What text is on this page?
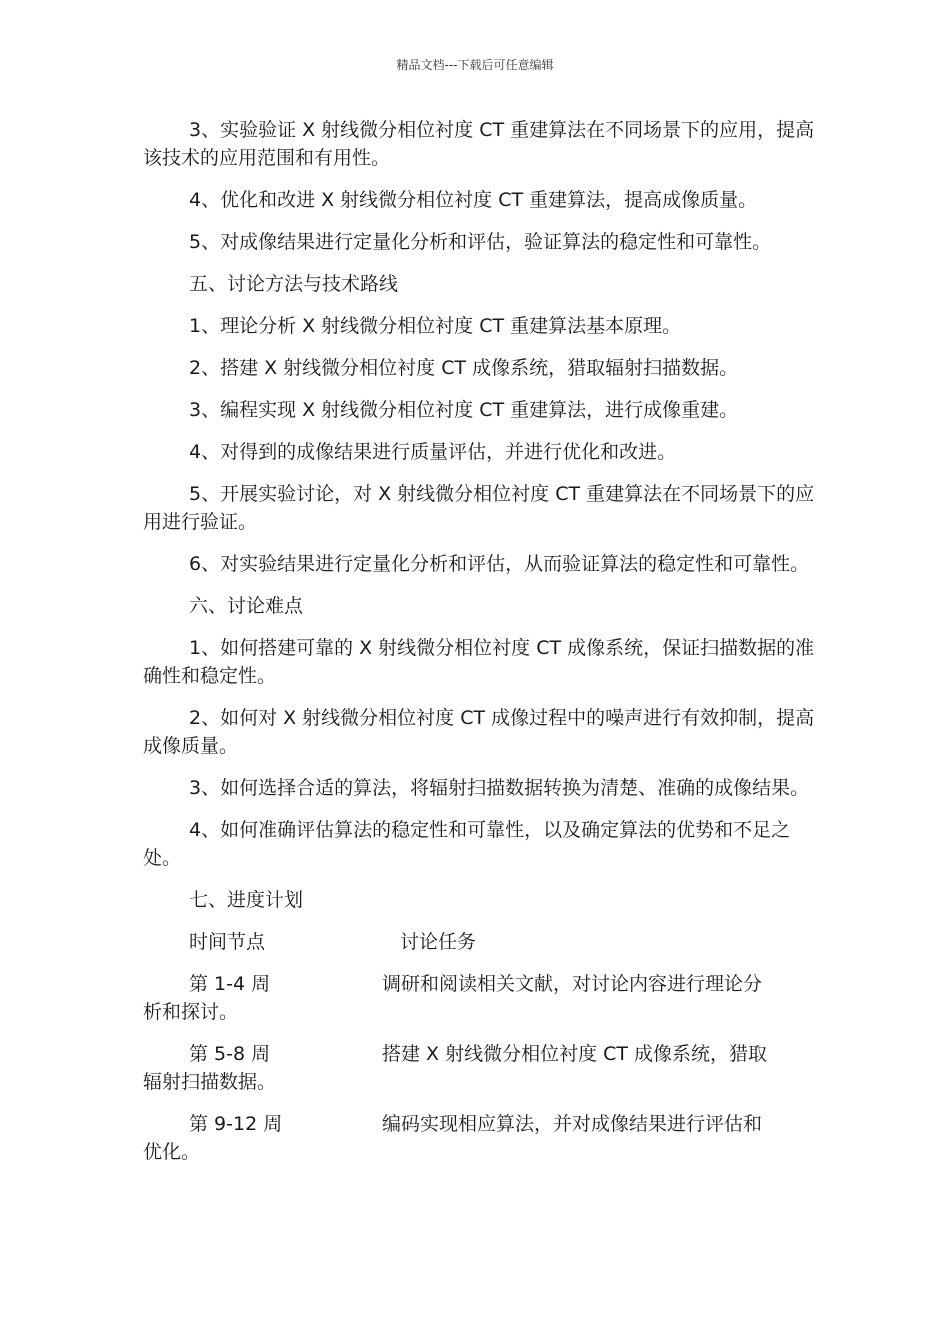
精品文档---下载后可任意编辑

3、实验验证 X 射线微分相位衬度 CT 重建算法在不同场景下的应用，提高该技术的应用范围和有用性。

4、优化和改进 X 射线微分相位衬度 CT 重建算法，提高成像质量。

5、对成像结果进行定量化分析和评估，验证算法的稳定性和可靠性。

五、讨论方法与技术路线

1、理论分析 X 射线微分相位衬度 CT 重建算法基本原理。

2、搭建 X 射线微分相位衬度 CT 成像系统，猎取辐射扫描数据。

3、编程实现 X 射线微分相位衬度 CT 重建算法，进行成像重建。

4、对得到的成像结果进行质量评估，并进行优化和改进。

5、开展实验讨论，对 X 射线微分相位衬度 CT 重建算法在不同场景下的应用进行验证。

6、对实验结果进行定量化分析和评估，从而验证算法的稳定性和可靠性。

六、讨论难点

1、如何搭建可靠的 X 射线微分相位衬度 CT 成像系统，保证扫描数据的准确性和稳定性。

2、如何对 X 射线微分相位衬度 CT 成像过程中的噪声进行有效抑制，提高成像质量。

3、如何选择合适的算法，将辐射扫描数据转换为清楚、准确的成像结果。

4、如何准确评估算法的稳定性和可靠性，以及确定算法的优势和不足之处。

七、进度计划

时间节点	讨论任务
第 1-4 周	调研和阅读相关文献，对讨论内容进行理论分
析和探讨。
第 5-8 周	搭建 X 射线微分相位衬度 CT 成像系统，猎取
辐射扫描数据。
第 9-12 周	编码实现相应算法，并对成像结果进行评估和
优化。
